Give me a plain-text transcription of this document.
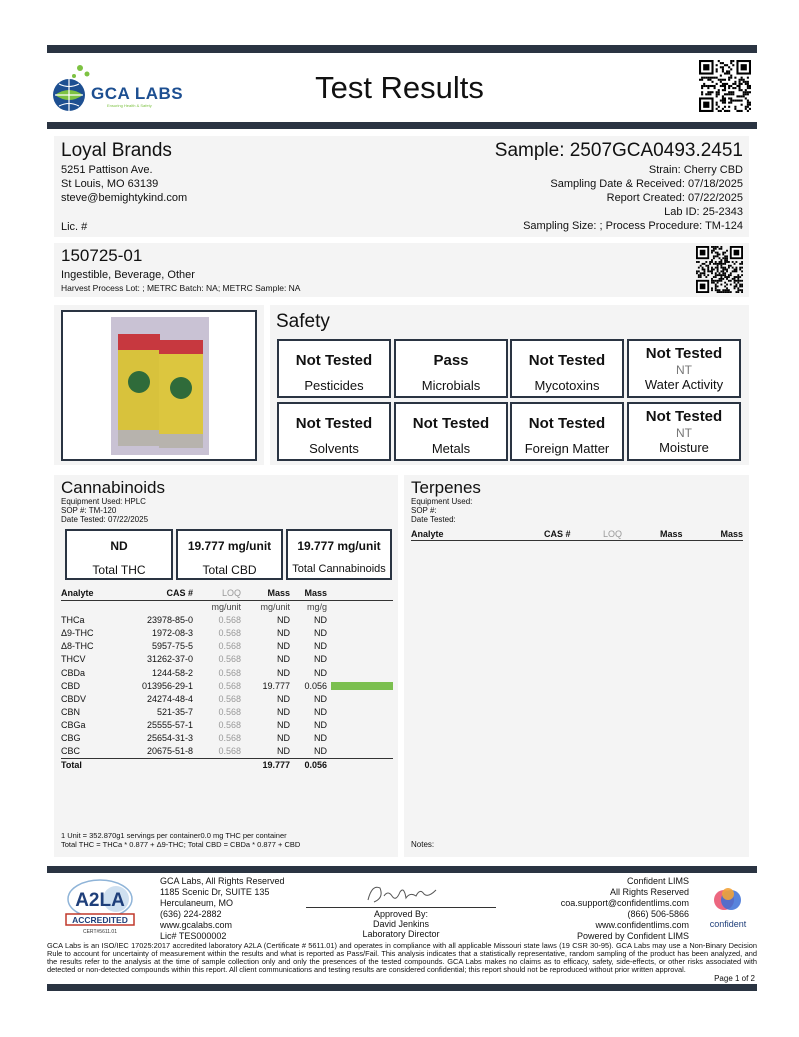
GCA LABS
Ensuring Health & Safety
Test Results
Loyal Brands
5251 Pattison Ave.
St Louis, MO 63139
steve@bemightykind.com
Lic. #
Sample: 2507GCA0493.2451
Strain: Cherry CBD
Sampling Date & Received: 07/18/2025
Report Created: 07/22/2025
Lab ID: 25-2343
Sampling Size: ; Process Procedure: TM-124
150725-01
Ingestible, Beverage, Other
Harvest Process Lot: ; METRC Batch: NA; METRC Sample: NA
Safety
Not Tested
Pesticides
Pass
Microbials
Not Tested
Mycotoxins
Not Tested
NT
Water Activity
Not Tested
Solvents
Not Tested
Metals
Not Tested
Foreign Matter
Not Tested
NT
Moisture
Cannabinoids
Equipment Used: HPLC
SOP #: TM-120
Date Tested: 07/22/2025
ND
Total THC
19.777 mg/unit
Total CBD
19.777 mg/unit
Total Cannabinoids
Analyte	CAS #	LOQ	Mass	Mass	
		mg/unit	mg/unit	mg/g	
THCa	23978-85-0	0.568	ND	ND	
Δ9-THC	1972-08-3	0.568	ND	ND	
Δ8-THC	5957-75-5	0.568	ND	ND	
THCV	31262-37-0	0.568	ND	ND	
CBDa	1244-58-2	0.568	ND	ND	
CBD	013956-29-1	0.568	19.777	0.056	

CBDV	24274-48-4	0.568	ND	ND	
CBN	521-35-7	0.568	ND	ND	
CBGa	25555-57-1	0.568	ND	ND	
CBG	25654-31-3	0.568	ND	ND	
CBC	20675-51-8	0.568	ND	ND	
Total			19.777	0.056	
1 Unit = 352.870g1 servings per container0.0 mg THC per container
Total THC = THCa * 0.877 + Δ9-THC; Total CBD = CBDa * 0.877 + CBD
Terpenes
Equipment Used:
SOP #:
Date Tested:
Analyte	CAS #	LOQ	Mass	Mass
Notes:
A2LA
ACCREDITED
CERT#5611.01
GCA Labs, All Rights Reserved
1185 Scenic Dr, SUITE 135
Herculaneum, MO
(636) 224-2882
www.gcalabs.com
Lic# TES000002
Approved By:
David Jenkins
Laboratory Director
Confident LIMS
All Rights Reserved
coa.support@confidentlims.com
(866) 506-5866
www.confidentlims.com
Powered by Confident LIMS
confident
GCA Labs is an ISO/IEC 17025:2017 accredited laboratory A2LA (Certificate # 5611.01) and operates in compliance with all applicable Missouri state laws (19 CSR 30-95). GCA Labs may use a Non-Binary Decision Rule to account for uncertainty of measurement within the results and what is reported as Pass/Fail. This analysis indicates that a statistically representative, random sampling of the product has been analyzed, and the results refer to the analysis at the time of sample collection only and only the presences of the tested compounds. GCA Labs makes no claims as to efficacy, safety, side-effects, or other risks associated with detected or non-detected compounds within this report. All client communications and testing results are considered confidential; this report should not be reproduced without prior written approval.
Page 1 of 2
